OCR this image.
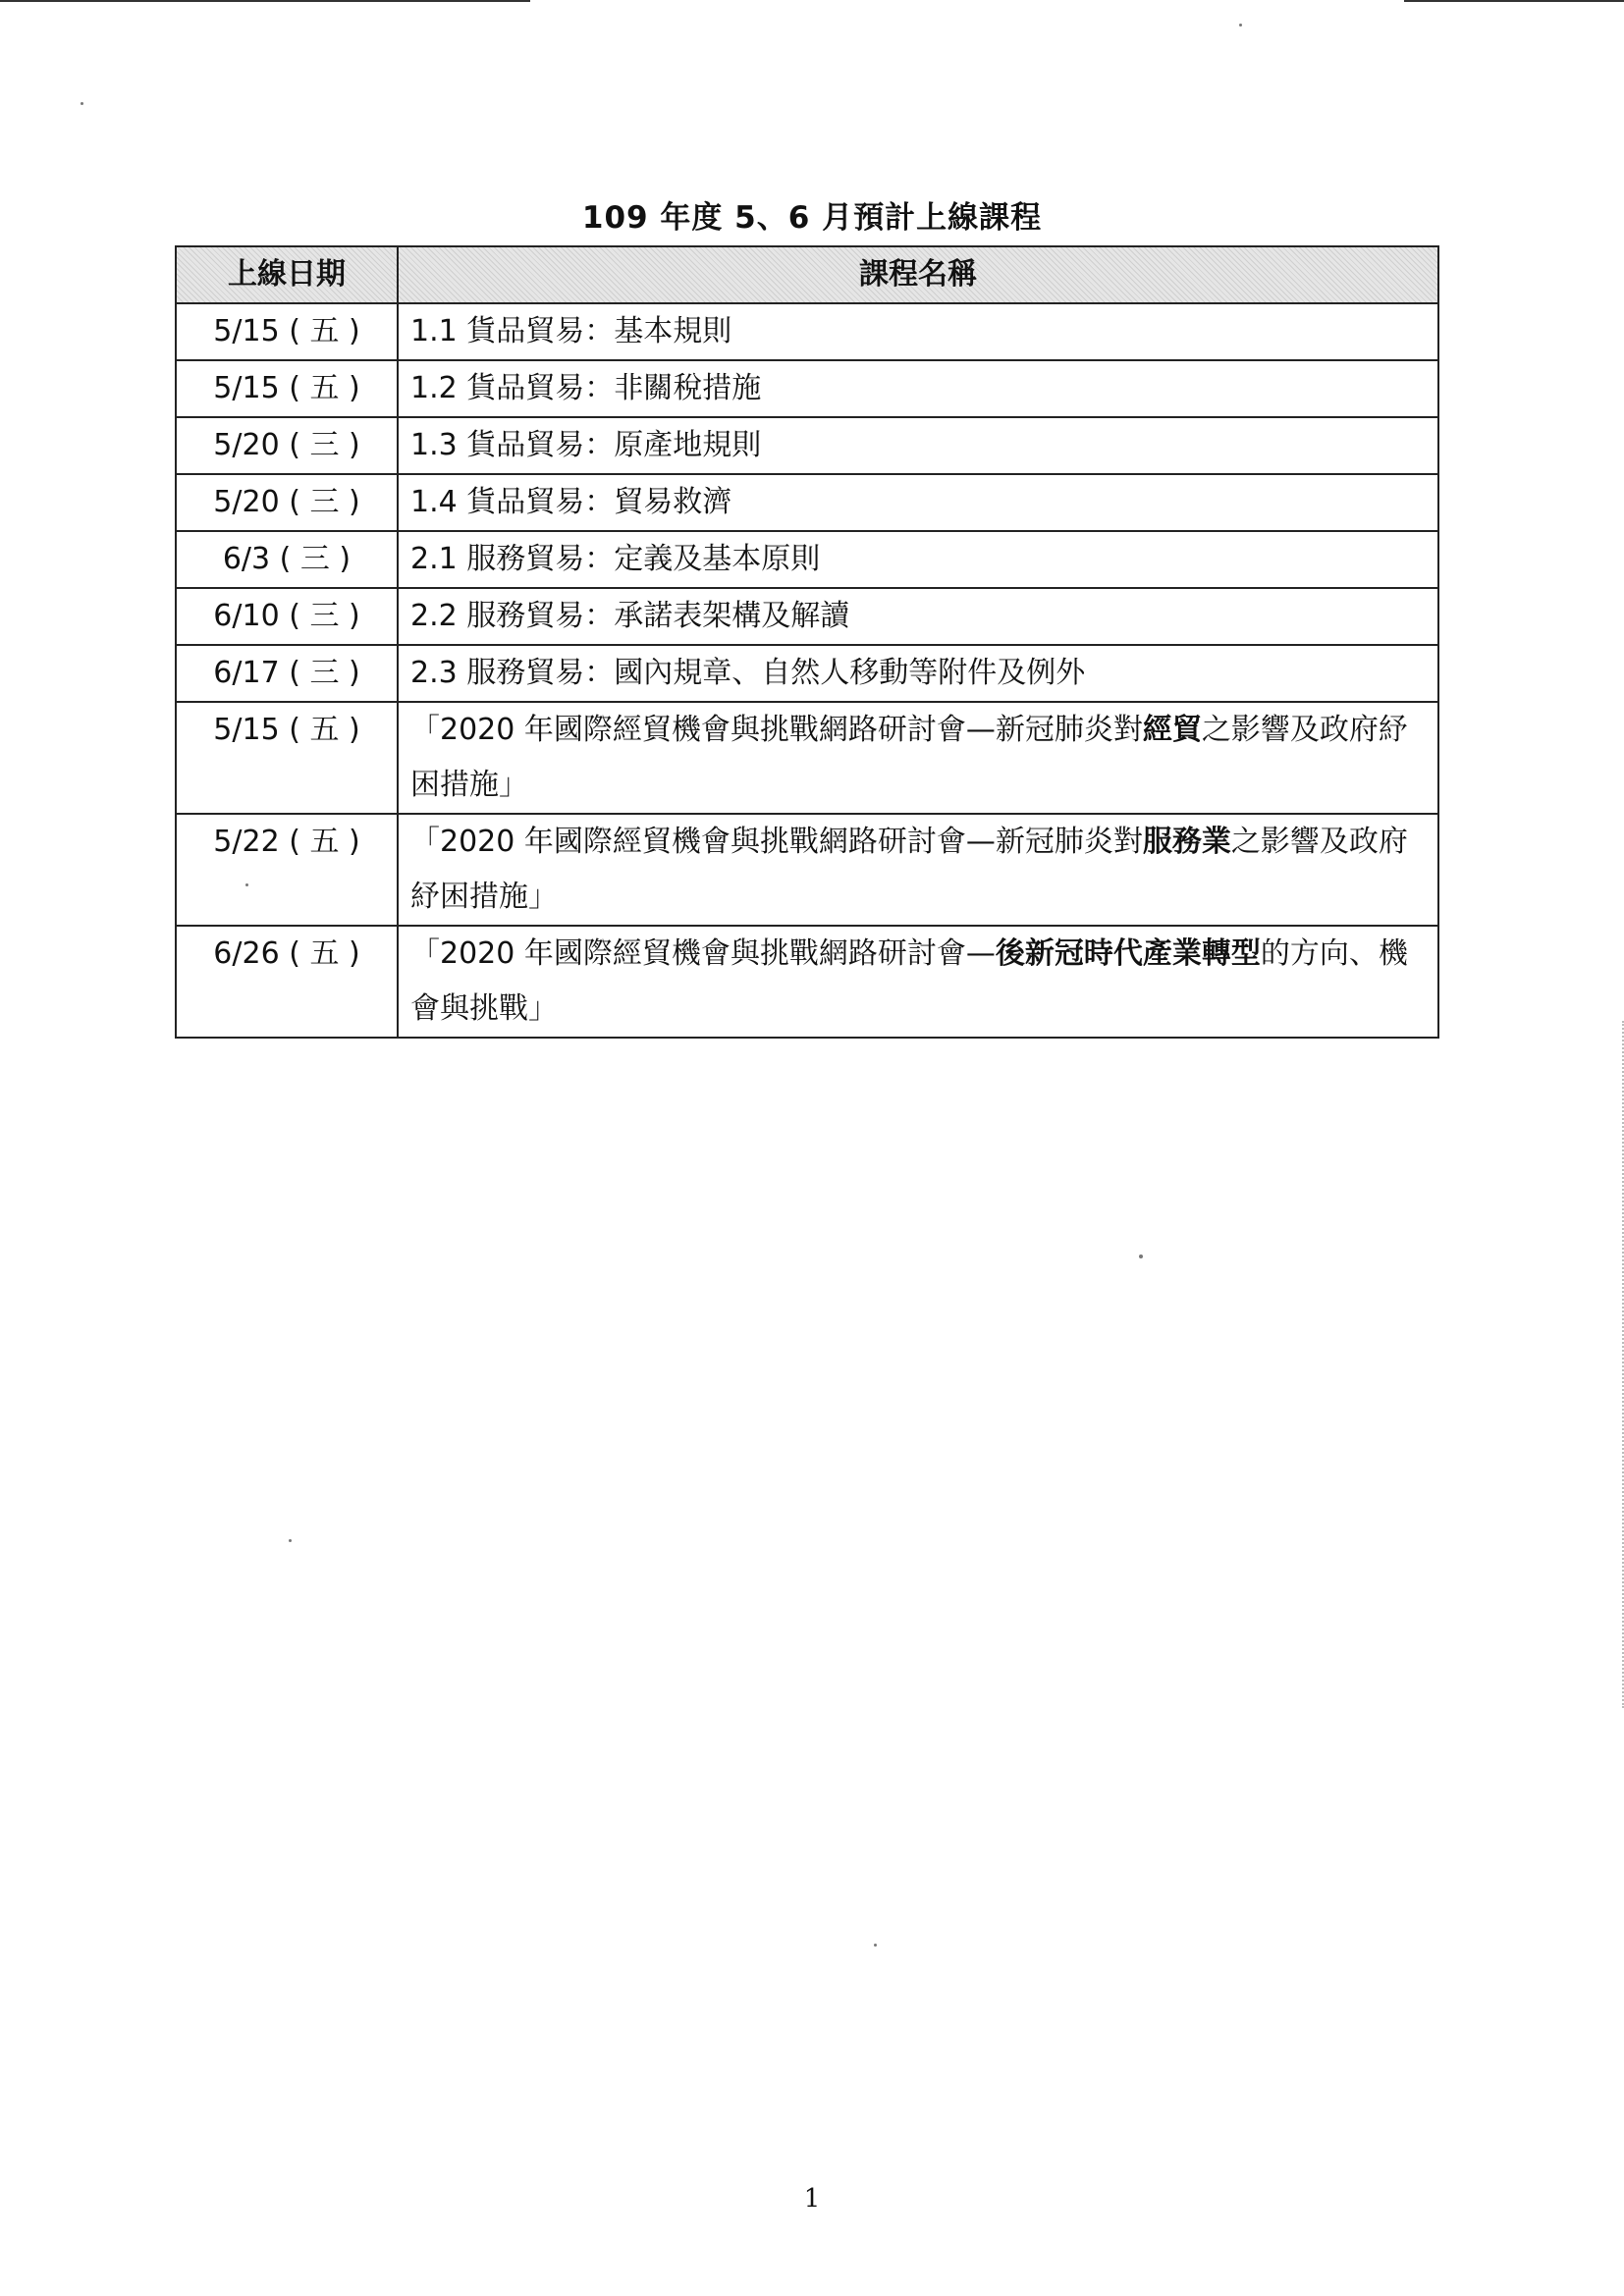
109 年度 5、6 月預計上線課程
上線日期	課程名稱
5/15 ( 五 )	1.1 貨品貿易：基本規則
5/15 ( 五 )	1.2 貨品貿易：非關稅措施
5/20 ( 三 )	1.3 貨品貿易：原產地規則
5/20 ( 三 )	1.4 貨品貿易：貿易救濟
6/3 ( 三 )	2.1 服務貿易：定義及基本原則
6/10 ( 三 )	2.2 服務貿易：承諾表架構及解讀
6/17 ( 三 )	2.3 服務貿易：國內規章、自然人移動等附件及例外
5/15 ( 五 )	「2020 年國際經貿機會與挑戰網路研討會—新冠肺炎對經貿之影響及政府紓困措施」
5/22 ( 五 )	「2020 年國際經貿機會與挑戰網路研討會—新冠肺炎對服務業之影響及政府紓困措施」
6/26 ( 五 )	「2020 年國際經貿機會與挑戰網路研討會—後新冠時代產業轉型的方向、機會與挑戰」
1
